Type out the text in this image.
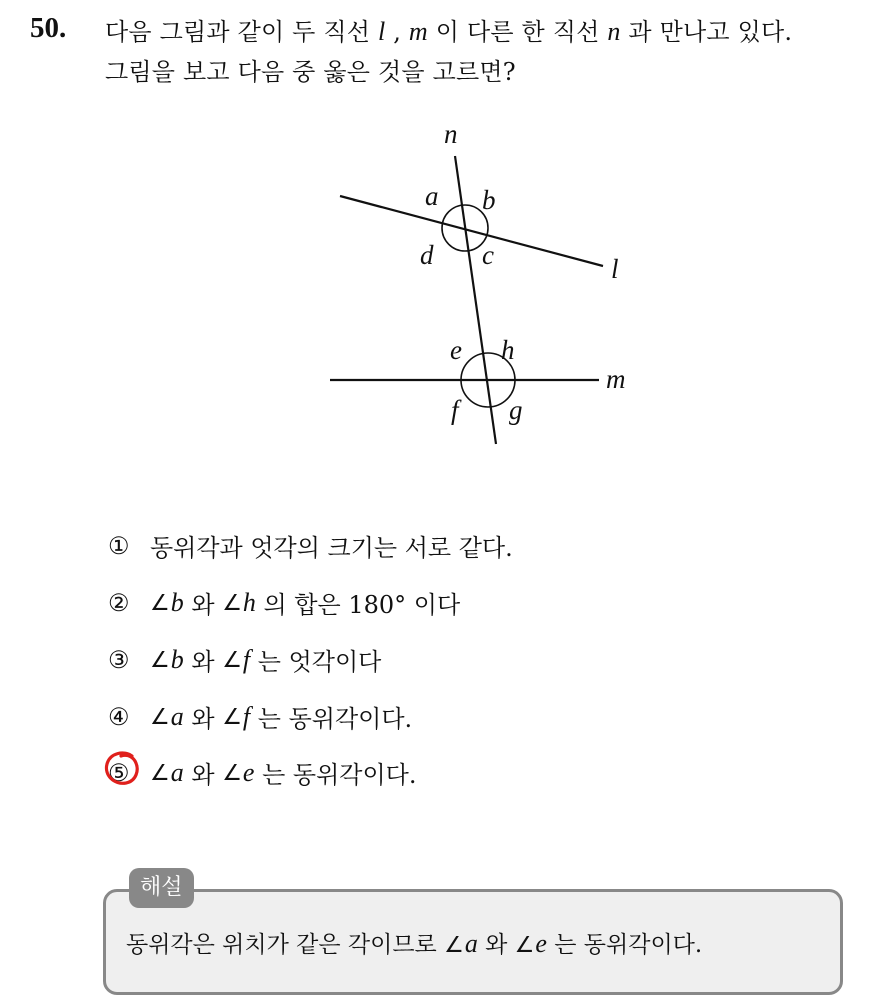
50. 다음 그림과 같이 두 직선 l , m 이 다른 한 직선 n 과 만나고 있다.
그림을 보고 다음 중 옳은 것을 고르면?
n
l
m
a b
c
d
e h
f g
① 동위각과 엇각의 크기는 서로 같다.
② ∠ b 와 ∠ h 의 합은 180° 이다
③ ∠ b 와 ∠ f 는 엇각이다
④ ∠ a 와 ∠ f 는 동위각이다.
⑤ ∠ a 와 ∠ e 는 동위각이다.
해설
동위각은 위치가 같은 각이므로 ∠a 와 ∠e 는 동위각이다.
